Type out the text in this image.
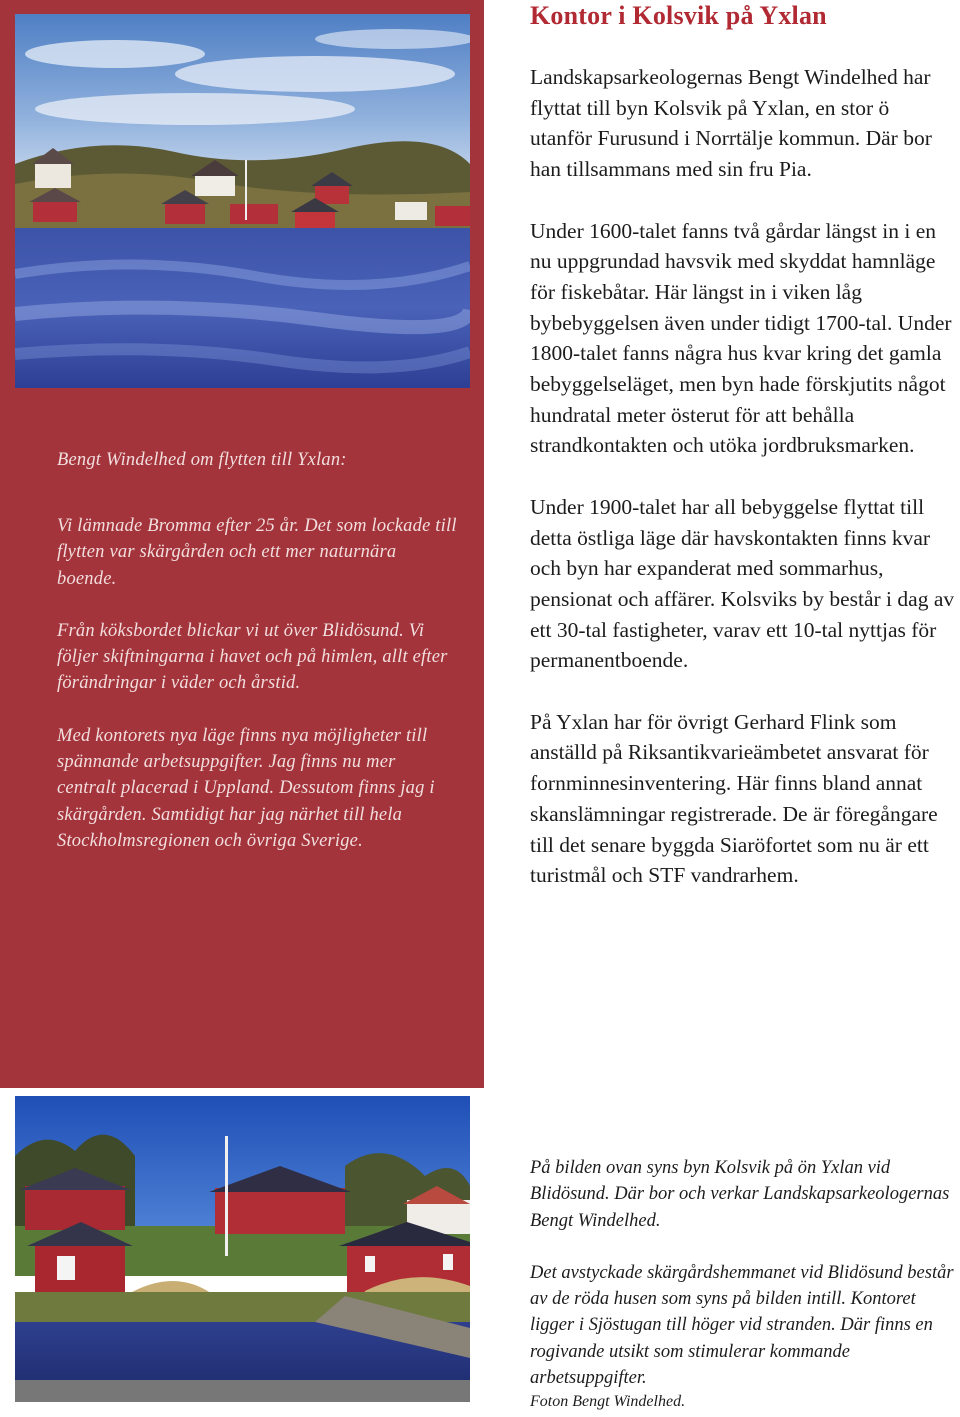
Bengt Windelhed om flytten till Yxlan:

Vi lämnade Bromma efter 25 år. Det som lockade till flytten var skärgården och ett mer naturnära boende.

Från köksbordet blickar vi ut över Blidösund. Vi följer skiftningarna i havet och på himlen, allt efter förändringar i väder och årstid.

Med kontorets nya läge finns nya möjligheter till spännande arbetsuppgifter. Jag finns nu mer centralt placerad i Uppland. Dessutom finns jag i skärgården. Samtidigt har jag närhet till hela Stockholmsregionen och övriga Sverige.

Kontor i Kolsvik på Yxlan

Landskapsarkeologernas Bengt Windelhed har flyttat till byn Kolsvik på Yxlan, en stor ö utanför Furusund i Norrtälje kommun. Där bor han tillsammans med sin fru Pia.

Under 1600-talet fanns två gårdar längst in i en nu uppgrundad havsvik med skyddat hamnläge för fiskebåtar. Här längst in i viken låg bybebyggelsen även under tidigt 1700-tal. Under 1800-talet fanns några hus kvar kring det gamla bebyggelseläget, men byn hade förskjutits något hundratal meter österut för att behålla strandkontakten och utöka jordbruksmarken.

Under 1900-talet har all bebyggelse flyttat till detta östliga läge där havskontakten finns kvar och byn har expanderat med sommarhus, pensionat och affärer. Kolsviks by består i dag av ett 30-tal fastigheter, varav ett 10-tal nyttjas för permanentboende.

På Yxlan har för övrigt Gerhard Flink som anställd på Riksantikvarieämbetet ansvarat för fornminnesinventering. Här finns bland annat skanslämningar registrerade. De är föregångare till det senare byggda Siaröfortet som nu är ett turistmål och STF vandrarhem.

På bilden ovan syns byn Kolsvik på ön Yxlan vid Blidösund. Där bor och verkar Landskapsarkeologernas Bengt Windelhed.

Det avstyckade skärgårdshemmanet vid Blidösund består av de röda husen som syns på bilden intill. Kontoret ligger i Sjöstugan till höger vid stranden. Där finns en rogivande utsikt som stimulerar kommande arbetsuppgifter.

Foton Bengt Windelhed.
